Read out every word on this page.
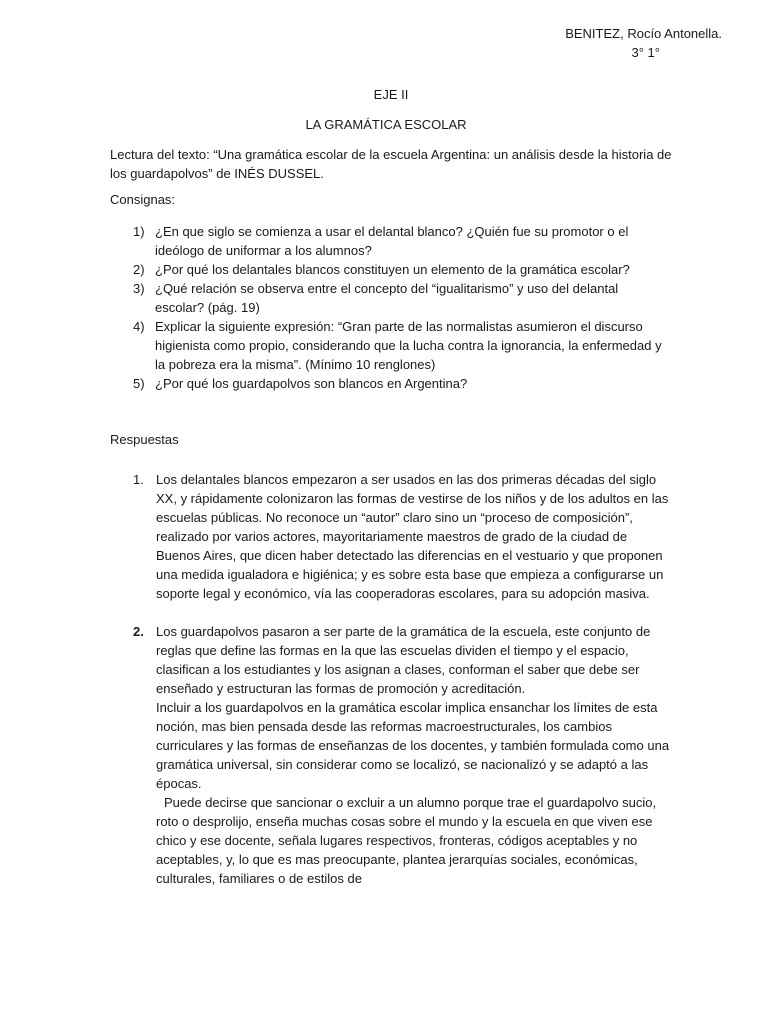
BENITEZ, Rocío Antonella.
3° 1°
EJE II
LA GRAMÁTICA ESCOLAR
Lectura del texto: “Una gramática escolar de la escuela Argentina: un análisis desde la historia de los guardapolvos” de INÉS DUSSEL.
Consignas:
1) ¿En que siglo se comienza a usar el delantal blanco? ¿Quién fue su promotor o el ideólogo de uniformar a los alumnos?
2) ¿Por qué los delantales blancos constituyen un elemento de la gramática escolar?
3) ¿Qué relación se observa entre el concepto del “igualitarismo” y uso del delantal escolar? (pág. 19)
4) Explicar la siguiente expresión: “Gran parte de las normalistas asumieron el discurso higienista como propio, considerando que la lucha contra la ignorancia, la enfermedad y la pobreza era la misma”. (Mínimo 10 renglones)
5) ¿Por qué los guardapolvos son blancos en Argentina?
Respuestas
1. Los delantales blancos empezaron a ser usados en las dos primeras décadas del siglo XX, y rápidamente colonizaron las formas de vestirse de los niños y de los adultos en las escuelas públicas. No reconoce un “autor” claro sino un “proceso de composición”, realizado por varios actores, mayoritariamente maestros de grado de la ciudad de Buenos Aires, que dicen haber detectado las diferencias en el vestuario y que proponen una medida igualadora e higiénica; y es sobre esta base que empieza a configurarse un soporte legal y económico, vía las cooperadoras escolares, para su adopción masiva.

2. Los guardapolvos pasaron a ser parte de la gramática de la escuela, este conjunto de reglas que define las formas en la que las escuelas dividen el tiempo y el espacio, clasifican a los estudiantes y los asignan a clases, conforman el saber que debe ser enseñado y estructuran las formas de promoción y acreditación.

Incluir a los guardapolvos en la gramática escolar implica ensanchar los límites de esta noción, mas bien pensada desde las reformas macroestructurales, los cambios curriculares y las formas de enseñanzas de los docentes, y también formulada como una gramática universal, sin considerar como se localizó, se nacionalizó y se adaptó a las épocas.

Puede decirse que sancionar o excluir a un alumno porque trae el guardapolvo sucio, roto o desprolijo, enseña muchas cosas sobre el mundo y la escuela en que viven ese chico y ese docente, señala lugares respectivos, fronteras, códigos aceptables y no aceptables, y, lo que es mas preocupante, plantea jerarquías sociales, económicas, culturales, familiares o de estilos de
